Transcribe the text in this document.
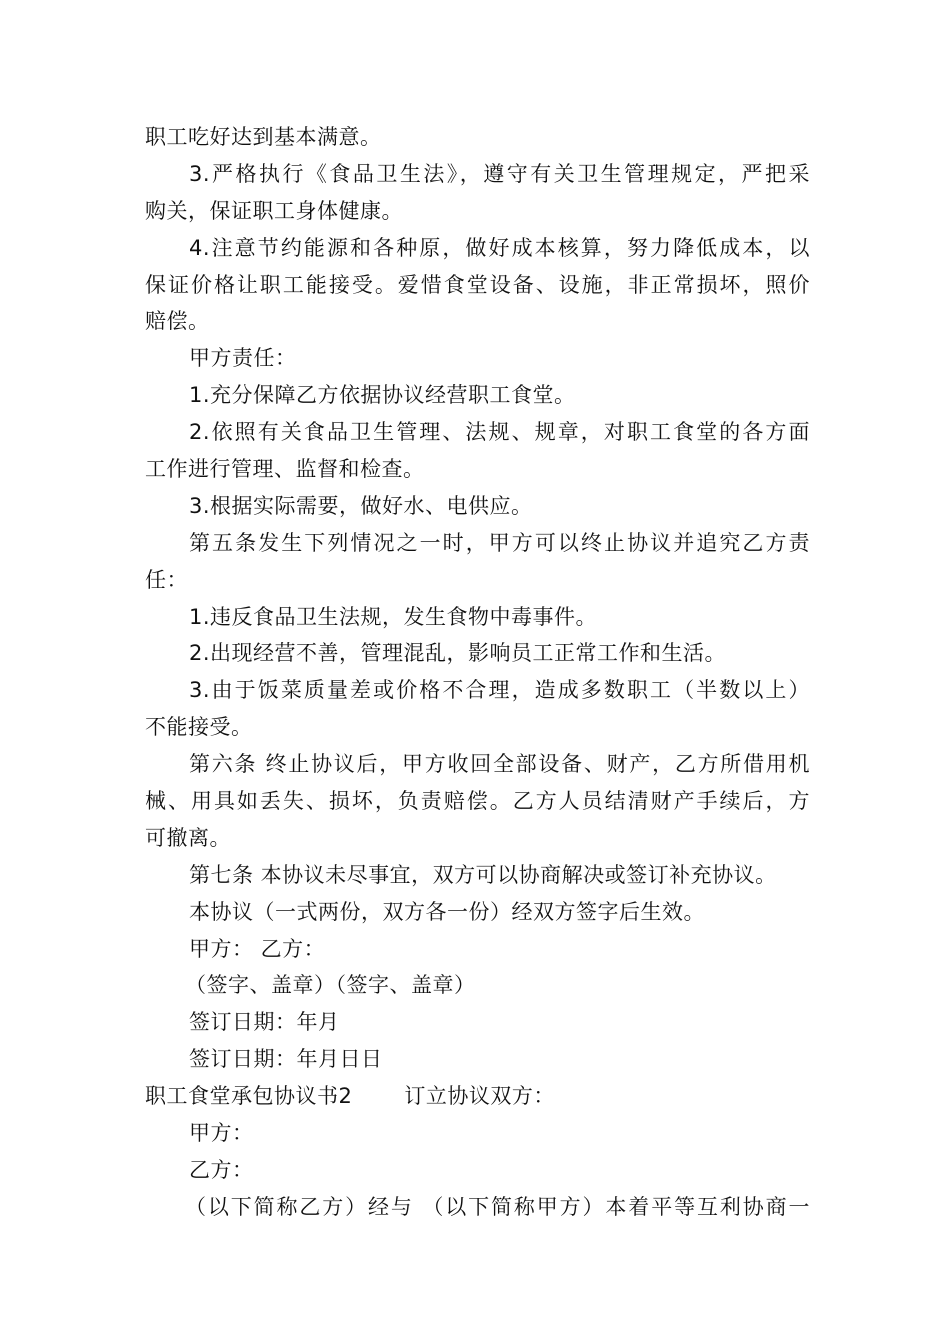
职工吃好达到基本满意。
3.严格执行《食品卫生法》，遵守有关卫生管理规定，严把采
购关，保证职工身体健康。
4.注意节约能源和各种原，做好成本核算，努力降低成本，以
保证价格让职工能接受。爱惜食堂设备、设施，非正常损坏，照价
赔偿。
甲方责任：
1.充分保障乙方依据协议经营职工食堂。
2.依照有关食品卫生管理、法规、规章，对职工食堂的各方面
工作进行管理、监督和检查。
3.根据实际需要，做好水、电供应。
第五条发生下列情况之一时，甲方可以终止协议并追究乙方责
任：
1.违反食品卫生法规，发生食物中毒事件。
2.出现经营不善，管理混乱，影响员工正常工作和生活。
3.由于饭菜质量差或价格不合理，造成多数职工（半数以上）
不能接受。
第六条 终止协议后，甲方收回全部设备、财产，乙方所借用机
械、用具如丢失、损坏，负责赔偿。乙方人员结清财产手续后，方
可撤离。
第七条 本协议未尽事宜，双方可以协商解决或签订补充协议。
本协议（一式两份，双方各一份）经双方签字后生效。
甲方： 乙方：
（签字、盖章）（签字、盖章）
签订日期：年月
签订日期：年月日日
职工食堂承包协议书2 订立协议双方：
甲方：
乙方：
（以下简称乙方）经与 （以下简称甲方）本着平等互利协商一
